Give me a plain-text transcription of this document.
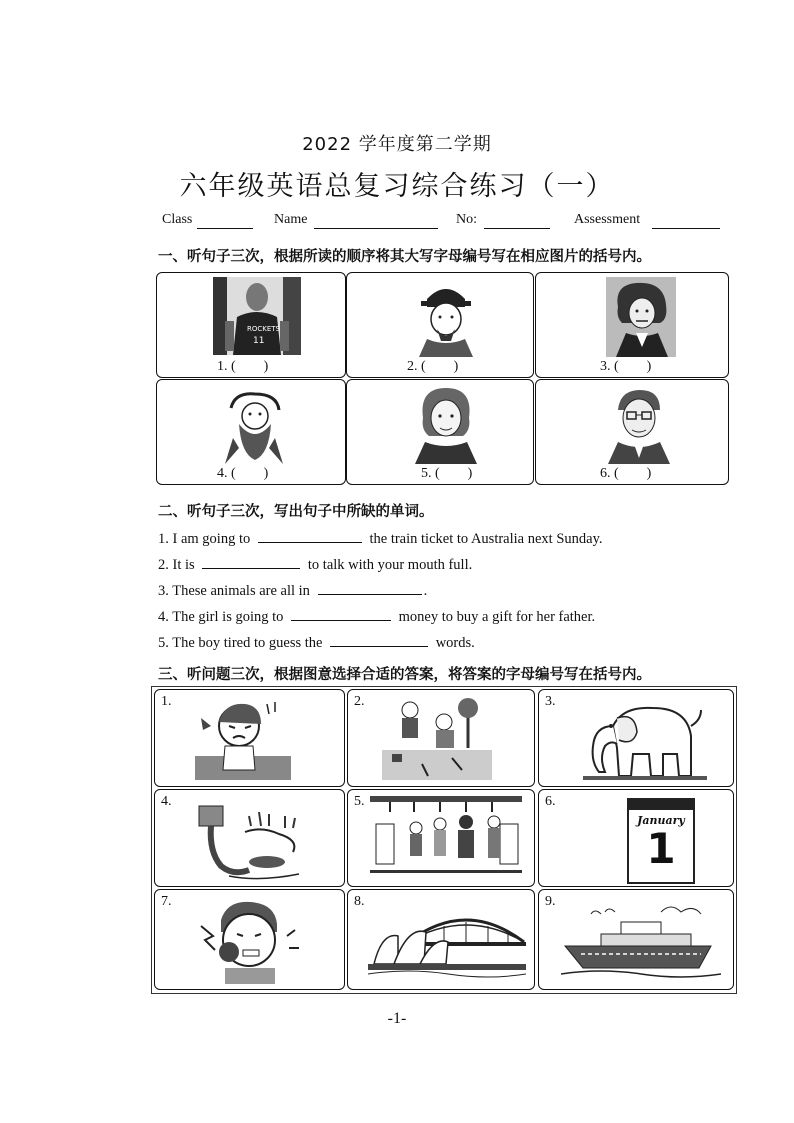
2022 学年度第二学期
六年级英语总复习综合练习（一）
Class	Name	No:	Assessment
一、听句子三次，根据所读的顺序将其大写字母编号写在相应图片的括号内。
ROCKETS
11
1. (        )	2. (        )	3. (        )
4. (        )	5. (        )	6. (        )
二、听句子三次，写出句子中所缺的单词。
1. I am going to	the train ticket to Australia next Sunday.
2. It is	to talk with your mouth full.
3. These animals are all in	.
4. The girl is going to	money to buy a gift for her father.
5. The boy tired to guess the	words.
三、听问题三次，根据图意选择合适的答案，将答案的字母编号写在括号内。
1.	2.	3.
4.	5.	6.
January
1
7.	8.	9.
-1-
